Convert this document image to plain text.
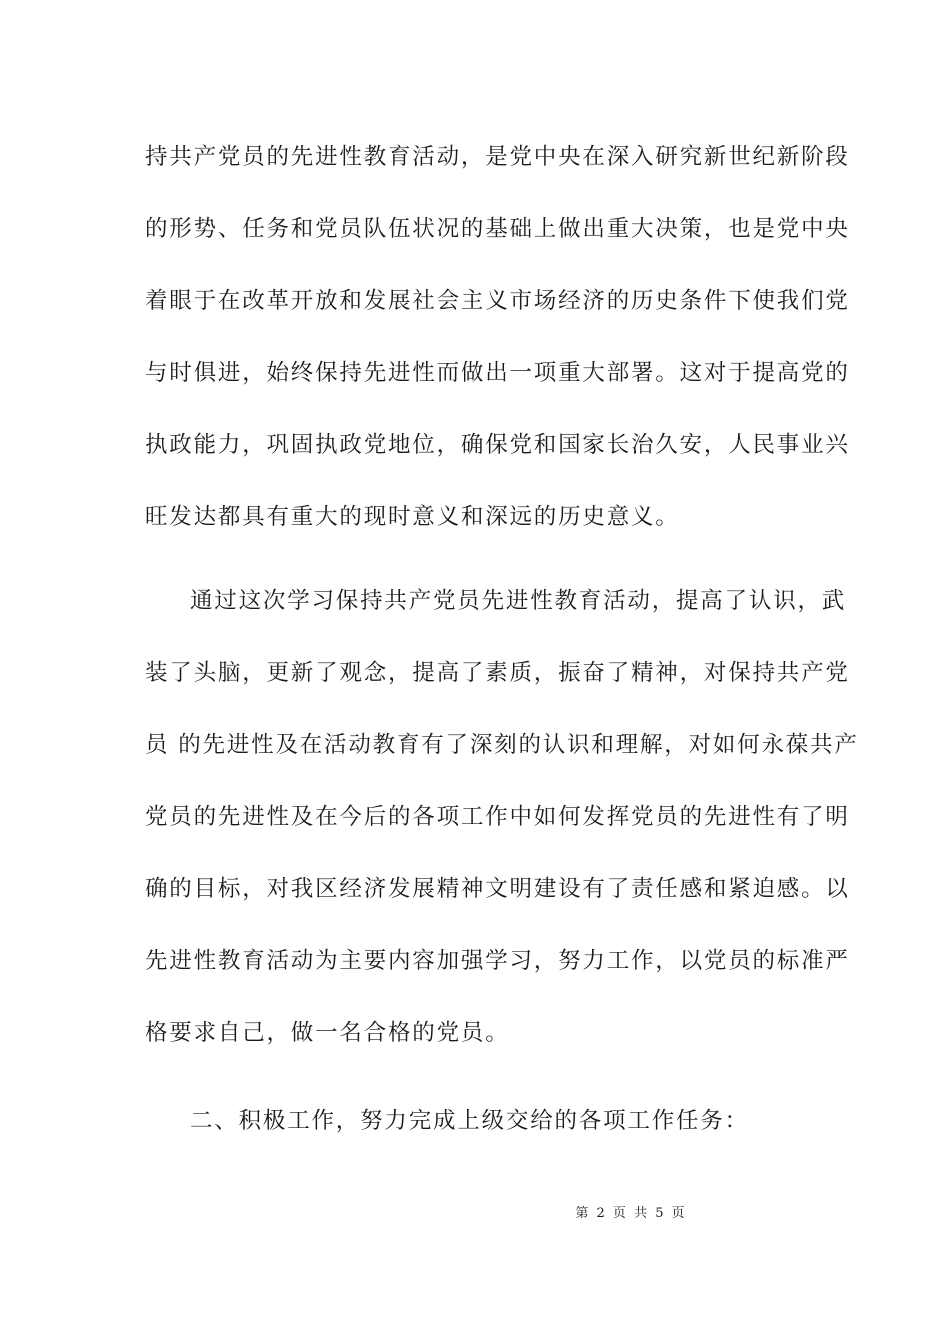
持共产党员的先进性教育活动，是党中央在深入研究新世纪新阶段
的形势、任务和党员队伍状况的基础上做出重大决策，也是党中央
着眼于在改革开放和发展社会主义市场经济的历史条件下使我们党
与时俱进，始终保持先进性而做出一项重大部署。这对于提高党的
执政能力，巩固执政党地位，确保党和国家长治久安，人民事业兴
旺发达都具有重大的现时意义和深远的历史意义。
通过这次学习保持共产党员先进性教育活动，提高了认识，武
装了头脑，更新了观念，提高了素质，振奋了精神，对保持共产党
员 的先进性及在活动教育有了深刻的认识和理解，对如何永葆共产
党员的先进性及在今后的各项工作中如何发挥党员的先进性有了明
确的目标，对我区经济发展精神文明建设有了责任感和紧迫感。以
先进性教育活动为主要内容加强学习，努力工作，以党员的标准严
格要求自己，做一名合格的党员。
二、积极工作，努力完成上级交给的各项工作任务：
第 2 页 共 5 页
